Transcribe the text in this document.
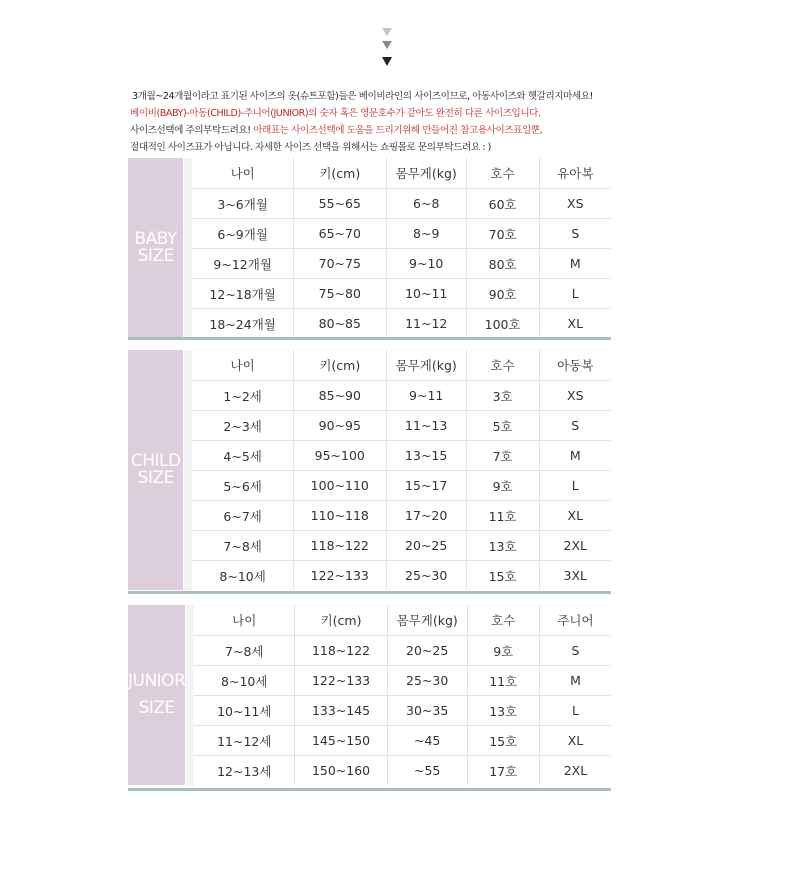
3개월~24개월이라고 표기된 사이즈의 옷(슈트포함)들은 베이비라인의 사이즈이므로, 아동사이즈와 헷갈리지마세요!
베이비(BABY)-아동(CHILD)-주니어(JUNIOR)의 숫자 혹은 영문호수가 같아도 완전히 다른 사이즈입니다.
사이즈선택에 주의부탁드려요! 아래표는 사이즈선택에 도움을 드리기위해 만들어진 참고용사이즈표일뿐,
절대적인 사이즈표가 아닙니다. 자세한 사이즈 선택을 위해서는 쇼핑몰로 문의부탁드려요 : )
BABY
SIZE		나이	키(cm)	몸무게(kg)	호수	유아복
		3~6개월	55~65	6~8	60호	XS
		6~9개월	65~70	8~9	70호	S
		9~12개월	70~75	9~10	80호	M
		12~18개월	75~80	10~11	90호	L
		18~24개월	80~85	11~12	100호	XL
CHILD
SIZE		나이	키(cm)	몸무게(kg)	호수	아동복
		1~2세	85~90	9~11	3호	XS
		2~3세	90~95	11~13	5호	S
		4~5세	95~100	13~15	7호	M
		5~6세	100~110	15~17	9호	L
		6~7세	110~118	17~20	11호	XL
		7~8세	118~122	20~25	13호	2XL
		8~10세	122~133	25~30	15호	3XL
JUNIOR
SIZE		나이	키(cm)	몸무게(kg)	호수	주니어
		7~8세	118~122	20~25	9호	S
		8~10세	122~133	25~30	11호	M
		10~11세	133~145	30~35	13호	L
		11~12세	145~150	~45	15호	XL
		12~13세	150~160	~55	17호	2XL
